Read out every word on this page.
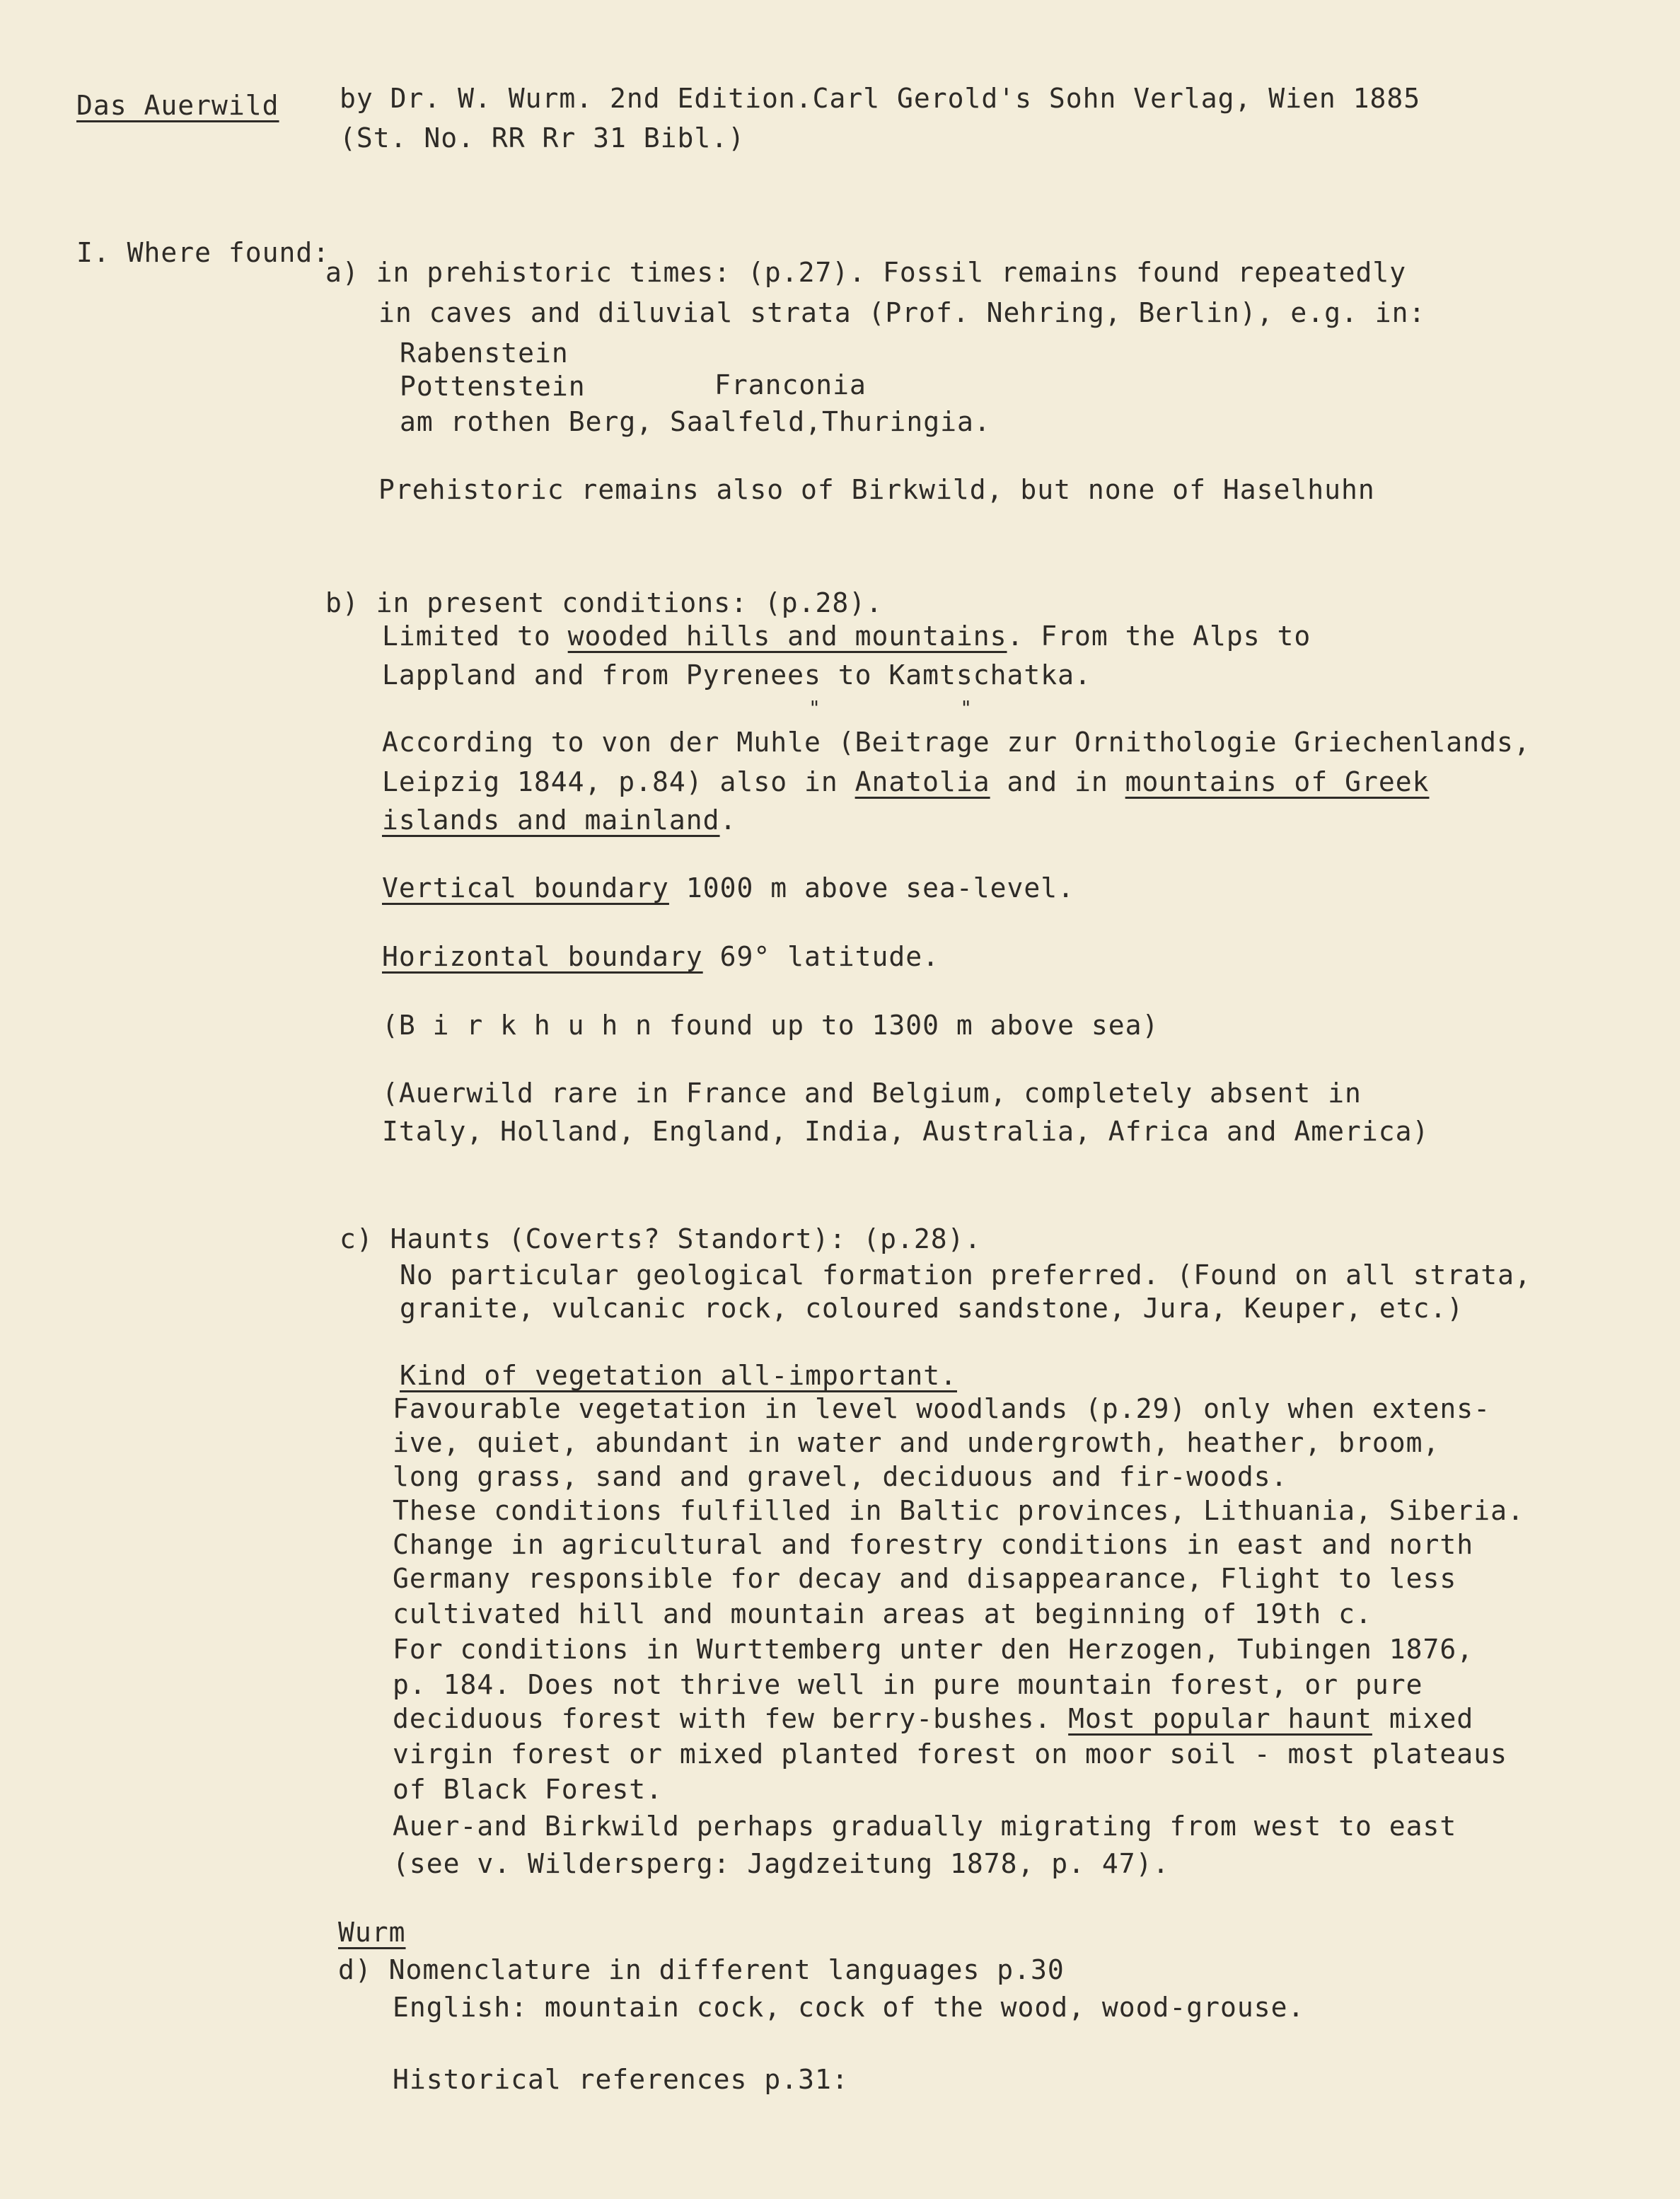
Das Auerwild by Dr. W. Wurm. 2nd Edition.Carl Gerold's Sohn Verlag, Wien 1885
(St. No. RR Rr 31 Bibl.)
I. Where found:
a) in prehistoric times: (p.27). Fossil remains found repeatedly
in caves and diluvial strata (Prof. Nehring, Berlin), e.g. in:
Rabenstein
Pottenstein	Franconia
am rothen Berg, Saalfeld,Thuringia.
Prehistoric remains also of Birkwild, but none of Haselhuhn
b) in present conditions: (p.28).
Limited to wooded hills and mountains. From the Alps to
Lappland and from Pyrenees to Kamtschatka.
"           "
According to von der Muhle (Beitrage zur Ornithologie Griechenlands,
Leipzig 1844, p.84) also in Anatolia and in mountains of Greek
islands and mainland.
Vertical boundary 1000 m above sea-level.
Horizontal boundary 69° latitude.
(B i r k h u h n found up to 1300 m above sea)
(Auerwild rare in France and Belgium, completely absent in
Italy, Holland, England, India, Australia, Africa and America)
c) Haunts (Coverts? Standort): (p.28).
No particular geological formation preferred. (Found on all strata,
granite, vulcanic rock, coloured sandstone, Jura, Keuper, etc.)
Kind of vegetation all-important.
Favourable vegetation in level woodlands (p.29) only when extens-
ive, quiet, abundant in water and undergrowth, heather, broom,
long grass, sand and gravel, deciduous and fir-woods.
These conditions fulfilled in Baltic provinces, Lithuania, Siberia.
Change in agricultural and forestry conditions in east and north
Germany responsible for decay and disappearance, Flight to less
cultivated hill and mountain areas at beginning of 19th c.
For conditions in Wurttemberg unter den Herzogen, Tubingen 1876,
p. 184. Does not thrive well in pure mountain forest, or pure
deciduous forest with few berry-bushes. Most popular haunt mixed
virgin forest or mixed planted forest on moor soil - most plateaus
of Black Forest.
Auer-and Birkwild perhaps gradually migrating from west to east
(see v. Wildersperg: Jagdzeitung 1878, p. 47).
Wurm
d) Nomenclature in different languages p.30
English: mountain cock, cock of the wood, wood-grouse.
Historical references p.31:
